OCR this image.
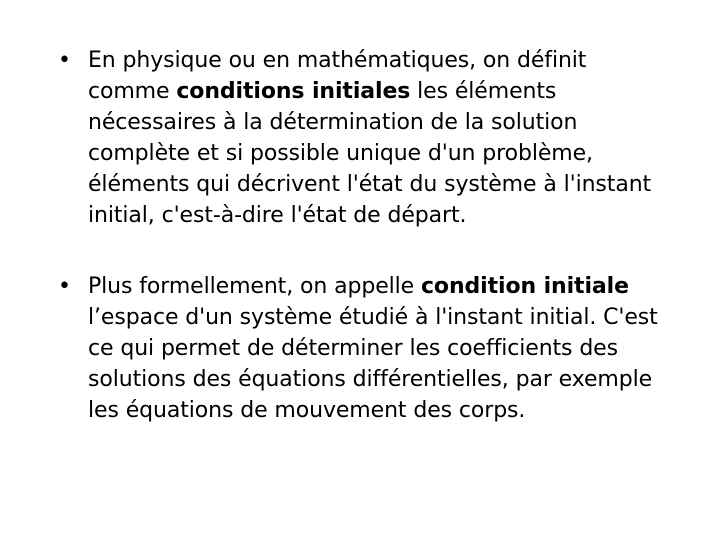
• En physique ou en mathématiques, on définit comme conditions initiales les éléments nécessaires à la détermination de la solution complète et si possible unique d'un problème, éléments qui décrivent l'état du système à l'instant initial, c'est-à-dire l'état de départ.
• Plus formellement, on appelle condition initiale l’espace d'un système étudié à l'instant initial. C'est ce qui permet de déterminer les coefficients des solutions des équations différentielles, par exemple les équations de mouvement des corps.
